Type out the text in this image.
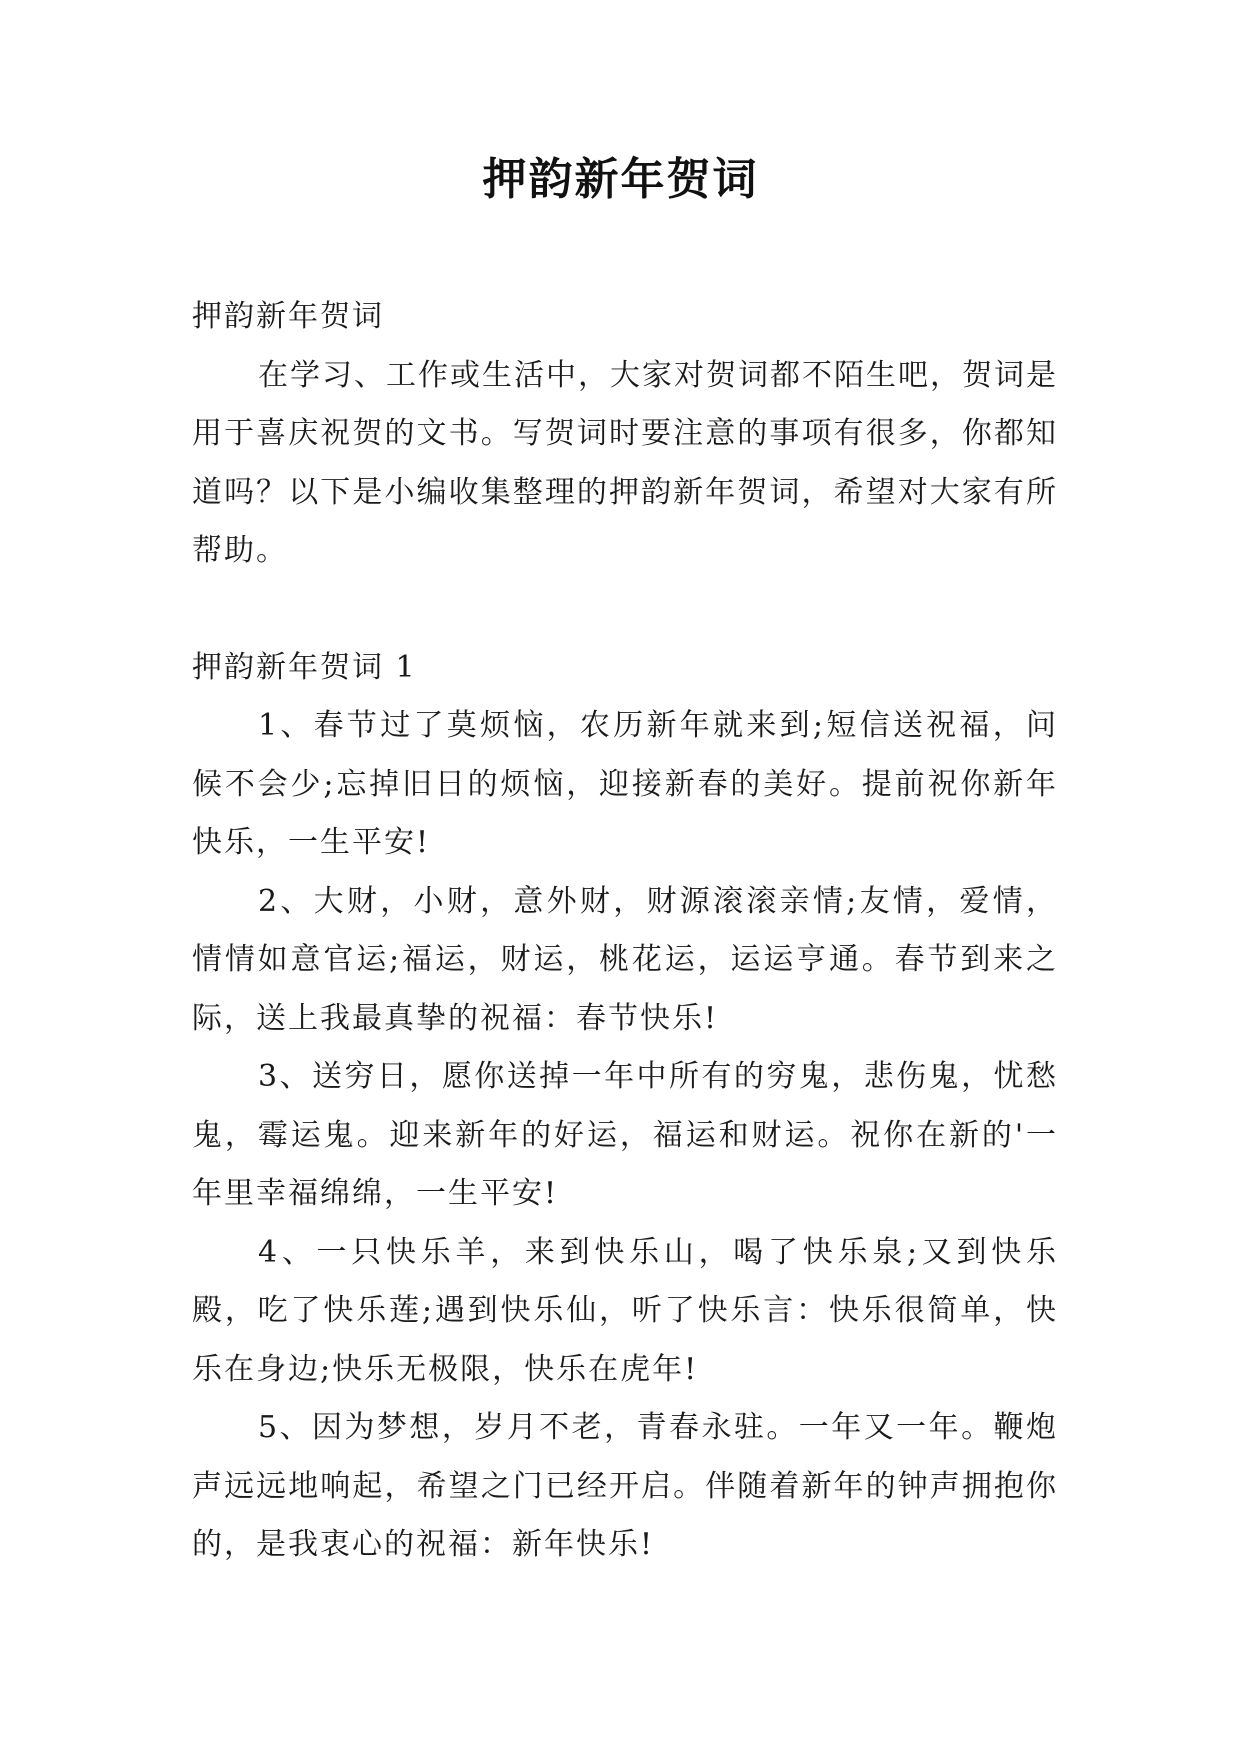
押韵新年贺词

押韵新年贺词

在学习、工作或生活中，大家对贺词都不陌生吧，贺词是用于喜庆祝贺的文书。写贺词时要注意的事项有很多，你都知道吗？以下是小编收集整理的押韵新年贺词，希望对大家有所帮助。

押韵新年贺词 1

1、春节过了莫烦恼，农历新年就来到;短信送祝福，问候不会少;忘掉旧日的烦恼，迎接新春的美好。提前祝你新年快乐，一生平安!

2、大财，小财，意外财，财源滚滚亲情;友情，爱情，情情如意官运;福运，财运，桃花运，运运亨通。春节到来之际，送上我最真挚的祝福：春节快乐!

3、送穷日，愿你送掉一年中所有的穷鬼，悲伤鬼，忧愁鬼，霉运鬼。迎来新年的好运，福运和财运。祝你在新的'一年里幸福绵绵，一生平安!

4、一只快乐羊，来到快乐山，喝了快乐泉;又到快乐殿，吃了快乐莲;遇到快乐仙，听了快乐言：快乐很简单，快乐在身边;快乐无极限，快乐在虎年!

5、因为梦想，岁月不老，青春永驻。一年又一年。鞭炮声远远地响起，希望之门已经开启。伴随着新年的钟声拥抱你的，是我衷心的祝福：新年快乐!
